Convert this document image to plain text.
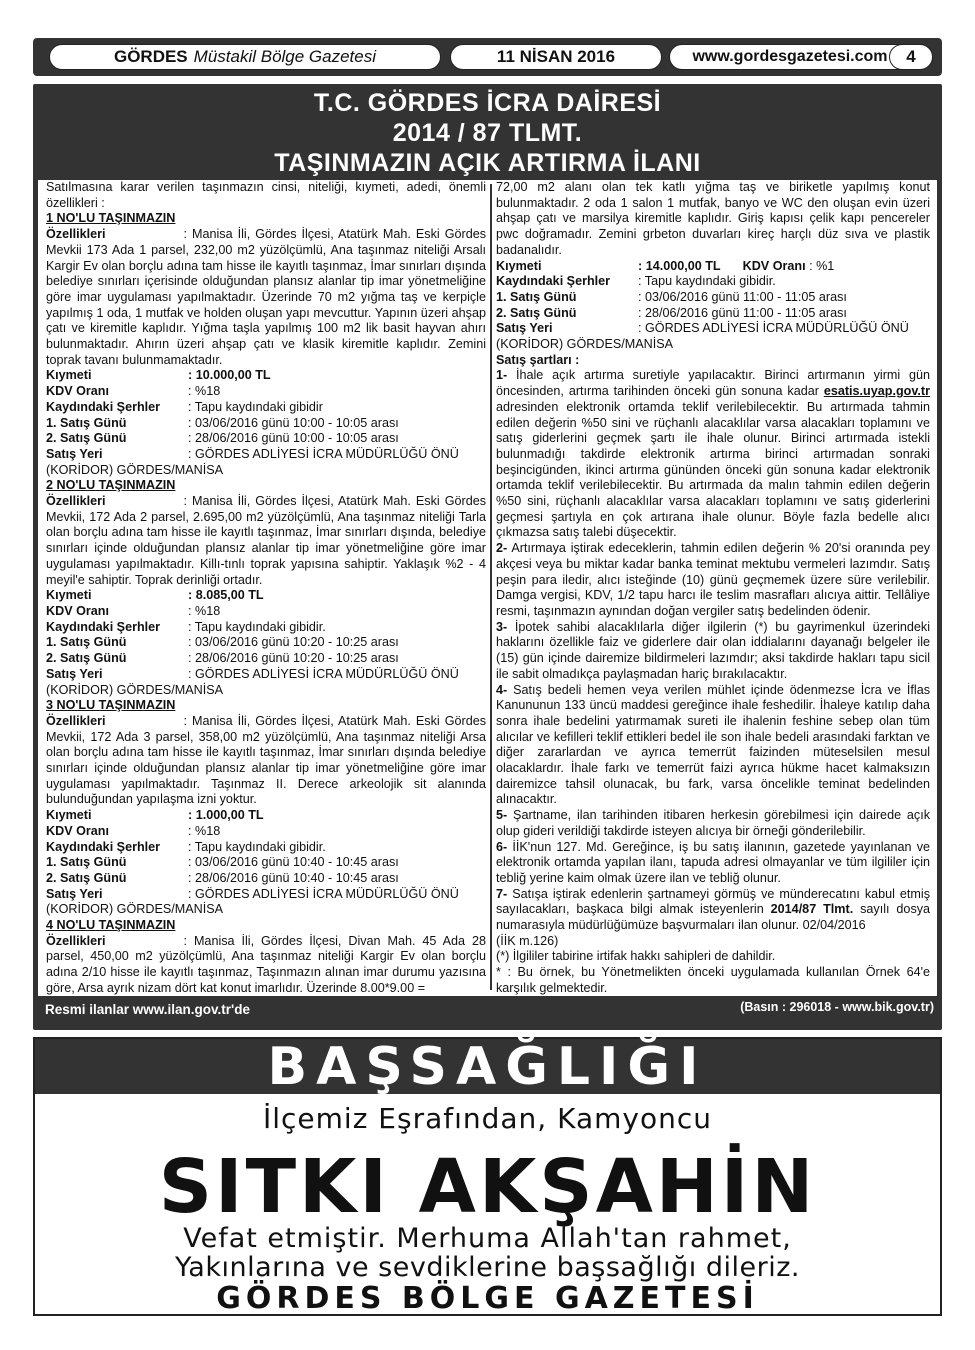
GÖRDES Müstakil Bölge Gazetesi	11 NİSAN 2016	www.gordesgazetesi.com	4
T.C. GÖRDES İCRA DAİRESİ
2014 / 87 TLMT.
TAŞINMAZIN AÇIK ARTIRMA İLANI

Satılmasına karar verilen taşınmazın cinsi, niteliği, kıymeti, adedi, önemli özellikleri :

1 NO'LU TAŞINMAZIN

Özellikleri	: Manisa İli, Gördes İlçesi, Atatürk Mah. Eski Gördes Mevkii 173 Ada 1 parsel, 232,00 m2 yüzölçümlü, Ana taşınmaz niteliği Arsalı Kargir Ev olan borçlu adına tam hisse ile kayıtlı taşınmaz, İmar sınırları dışında belediye sınırları içerisinde olduğundan plansız alanlar tip imar yönetmeliğine göre imar uygulaması yapılmaktadır. Üzerinde 70 m2 yığma taş ve kerpiçle yapılmış 1 oda, 1 mutfak ve holden oluşan yapı mevcuttur. Yapının üzeri ahşap çatı ve kiremitle kaplıdır. Yığma taşla yapılmış 100 m2 lik basit hayvan ahırı bulunmaktadır. Ahırın üzeri ahşap çatı ve klasik kiremitle kaplıdır. Zemini toprak tavanı bulunmamaktadır.

Kıymeti	: 10.000,00 TL
KDV Oranı	: %18
Kaydındaki Şerhler	: Tapu kaydındaki gibidir
1. Satış Günü	: 03/06/2016 günü 10:00 - 10:05 arası
2. Satış Günü	: 28/06/2016 günü 10:00 - 10:05 arası
Satış Yeri	: GÖRDES ADLİYESİ İCRA MÜDÜRLÜĞÜ ÖNÜ

(KORİDOR) GÖRDES/MANİSA

2 NO'LU TAŞINMAZIN

Özellikleri	: Manisa İli, Gördes İlçesi, Atatürk Mah. Eski Gördes Mevkii, 172 Ada 2 parsel, 2.695,00 m2 yüzölçümlü, Ana taşınmaz niteliği Tarla olan borçlu adına tam hisse ile kayıtlı taşınmaz, İmar sınırları dışında, belediye sınırları içinde olduğundan plansız alanlar tip imar yönetmeliğine göre imar uygulaması yapılmaktadır. Killı-tınlı toprak yapısına sahiptir. Yaklaşık %2 - 4 meyil'e sahiptir. Toprak derinliği ortadır.

Kıymeti	: 8.085,00 TL
KDV Oranı	: %18
Kaydındaki Şerhler	: Tapu kaydındaki gibidir.
1. Satış Günü	: 03/06/2016 günü 10:20 - 10:25 arası
2. Satış Günü	: 28/06/2016 günü 10:20 - 10:25 arası
Satış Yeri	: GÖRDES ADLİYESİ İCRA MÜDÜRLÜĞÜ ÖNÜ

(KORİDOR) GÖRDES/MANİSA

3 NO'LU TAŞINMAZIN

Özellikleri	: Manisa İli, Gördes İlçesi, Atatürk Mah. Eski Gördes Mevkii, 172 Ada 3 parsel, 358,00 m2 yüzölçümlü, Ana taşınmaz niteliği Arsa olan borçlu adına tam hisse ile kayıtlı taşınmaz, İmar sınırları dışında belediye sınırları içinde olduğundan plansız alanlar tip imar yönetmeliğine göre imar uygulaması yapılmaktadır. Taşınmaz II. Derece arkeolojik sit alanında bulunduğundan yapılaşma izni yoktur.

Kıymeti	: 1.000,00 TL
KDV Oranı	: %18
Kaydındaki Şerhler	: Tapu kaydındaki gibidir.
1. Satış Günü	: 03/06/2016 günü 10:40 - 10:45 arası
2. Satış Günü	: 28/06/2016 günü 10:40 - 10:45 arası
Satış Yeri	: GÖRDES ADLİYESİ İCRA MÜDÜRLÜĞÜ ÖNÜ

(KORİDOR) GÖRDES/MANİSA

4 NO'LU TAŞINMAZIN

Özellikleri	: Manisa İli, Gördes İlçesi, Divan Mah. 45 Ada 28 parsel, 450,00 m2 yüzölçümlü, Ana taşınmaz niteliği Kargir Ev olan borçlu adına 2/10 hisse ile kayıtlı taşınmaz, Taşınmazın alınan imar durumu yazısına göre, Arsa ayrık nizam dört kat konut imarlıdır. Üzerinde 8.00*9.00 =

72,00 m2 alanı olan tek katlı yığma taş ve biriketle yapılmış konut bulunmaktadır. 2 oda 1 salon 1 mutfak, banyo ve WC den oluşan evin üzeri ahşap çatı ve marsilya kiremitle kaplıdır. Giriş kapısı çelik kapı pencereler pwc doğramadır. Zemini grbeton duvarları kireç harçlı düz sıva ve plastik badanalıdır.

Kıymeti	: 14.000,00 TL KDV Oranı : %1
Kaydındaki Şerhler	: Tapu kaydındaki gibidir.
1. Satış Günü	: 03/06/2016 günü 11:00 - 11:05 arası
2. Satış Günü	: 28/06/2016 günü 11:00 - 11:05 arası
Satış Yeri	: GÖRDES ADLİYESİ İCRA MÜDÜRLÜĞÜ ÖNÜ

(KORİDOR) GÖRDES/MANİSA

Satış şartları :

1- İhale açık artırma suretiyle yapılacaktır. Birinci artırmanın yirmi gün öncesinden, artırma tarihinden önceki gün sonuna kadar esatis.uyap.gov.tr adresinden elektronik ortamda teklif verilebilecektir. Bu artırmada tahmin edilen değerin %50 sini ve rüçhanlı alacaklılar varsa alacakları toplamını ve satış giderlerini geçmek şartı ile ihale olunur. Birinci artırmada istekli bulunmadığı takdirde elektronik artırma birinci artırmadan sonraki beşincigünden, ikinci artırma gününden önceki gün sonuna kadar elektronik ortamda teklif verilebilecektir. Bu artırmada da malın tahmin edilen değerin %50 sini, rüçhanlı alacaklılar varsa alacakları toplamını ve satış giderlerini geçmesi şartıyla en çok artırana ihale olunur. Böyle fazla bedelle alıcı çıkmazsa satış talebi düşecektir.

2- Artırmaya iştirak edeceklerin, tahmin edilen değerin % 20'si oranında pey akçesi veya bu miktar kadar banka teminat mektubu vermeleri lazımdır. Satış peşin para iledir, alıcı isteğinde (10) günü geçmemek üzere süre verilebilir. Damga vergisi, KDV, 1/2 tapu harcı ile teslim masrafları alıcıya aittir. Tellâliye resmi, taşınmazın aynından doğan vergiler satış bedelinden ödenir.

3- İpotek sahibi alacaklılarla diğer ilgilerin (*) bu gayrimenkul üzerindeki haklarını özellikle faiz ve giderlere dair olan iddialarını dayanağı belgeler ile (15) gün içinde dairemize bildirmeleri lazımdır; aksi takdirde hakları tapu sicil ile sabit olmadıkça paylaşmadan hariç bırakılacaktır.

4- Satış bedeli hemen veya verilen mühlet içinde ödenmezse İcra ve İflas Kanununun 133 üncü maddesi gereğince ihale feshedilir. İhaleye katılıp daha sonra ihale bedelini yatırmamak sureti ile ihalenin feshine sebep olan tüm alıcılar ve kefilleri teklif ettikleri bedel ile son ihale bedeli arasındaki farktan ve diğer zararlardan ve ayrıca temerrüt faizinden müteselsilen mesul olacaklardır. İhale farkı ve temerrüt faizi ayrıca hükme hacet kalmaksızın dairemizce tahsil olunacak, bu fark, varsa öncelikle teminat bedelinden alınacaktır.

5- Şartname, ilan tarihinden itibaren herkesin görebilmesi için dairede açık olup gideri verildiği takdirde isteyen alıcıya bir örneği gönderilebilir.

6- İİK'nun 127. Md. Gereğince, iş bu satış ilanının, gazetede yayınlanan ve elektronik ortamda yapılan ilanı, tapuda adresi olmayanlar ve tüm ilgililer için tebliğ yerine kaim olmak üzere ilan ve tebliğ olunur.

7- Satışa iştirak edenlerin şartnameyi görmüş ve münderecatını kabul etmiş sayılacakları, başkaca bilgi almak isteyenlerin 2014/87 Tlmt. sayılı dosya numarasıyla müdürlüğümüze başvurmaları ilan olunur. 02/04/2016

(İİK m.126)

(*) İlgililer tabirine irtifak hakkı sahipleri de dahildir.

* : Bu örnek, bu Yönetmelikten önceki uygulamada kullanılan Örnek 64'e karşılık gelmektedir.

Resmi ilanlar www.ilan.gov.tr'de	(Basın : 296018 - www.bik.gov.tr)
BAŞSAĞLIĞI
İlçemiz Eşrafından, Kamyoncu
SITKI AKŞAHİN
Vefat etmiştir. Merhuma Allah'tan rahmet,
Yakınlarına ve sevdiklerine başsağlığı dileriz.
GÖRDES BÖLGE GAZETESİ
